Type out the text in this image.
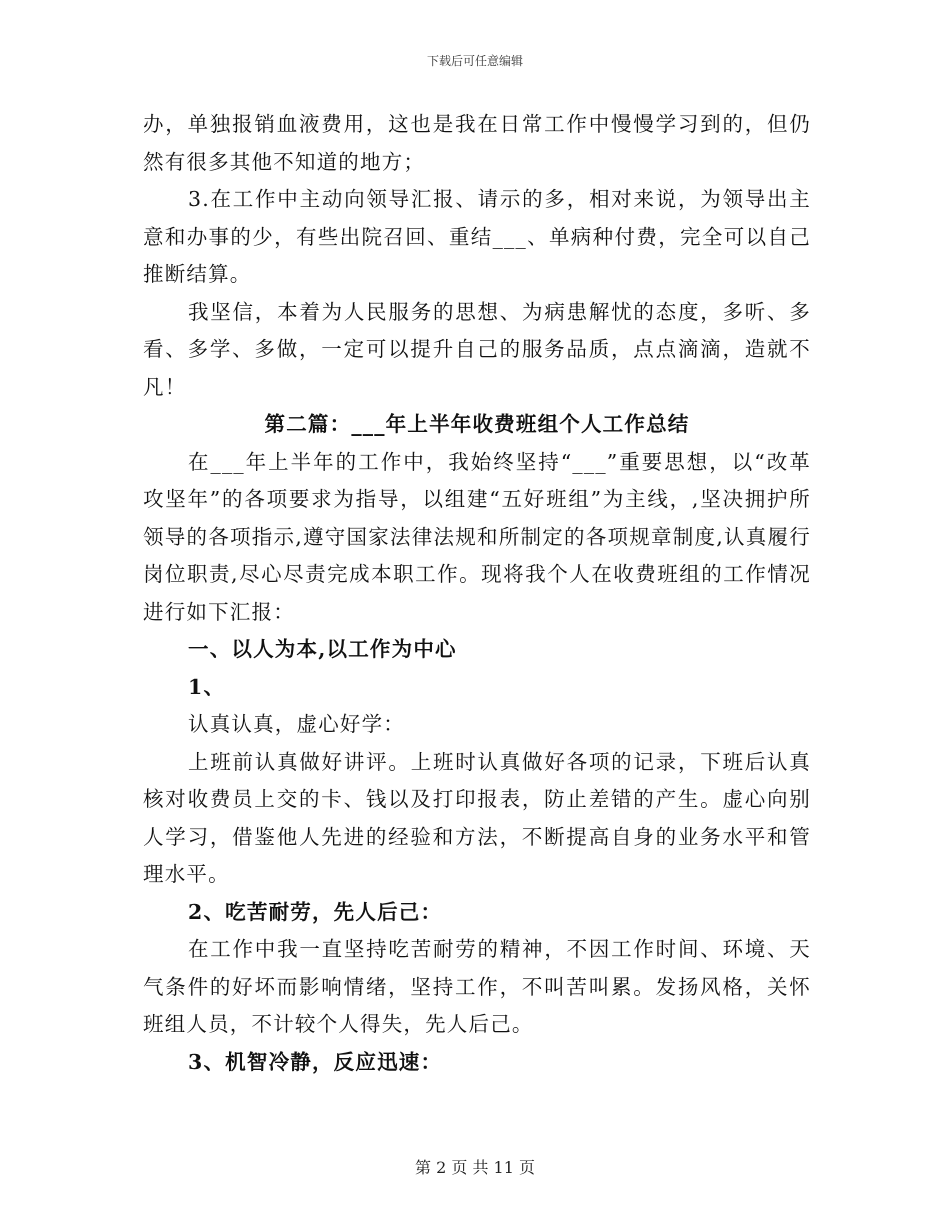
下载后可任意编辑

办，单独报销血液费用，这也是我在日常工作中慢慢学习到的，但仍然有很多其他不知道的地方；

3.在工作中主动向领导汇报、请示的多，相对来说，为领导出主意和办事的少，有些出院召回、重结___、单病种付费，完全可以自己推断结算。

我坚信，本着为人民服务的思想、为病患解忧的态度，多听、多看、多学、多做，一定可以提升自己的服务品质，点点滴滴，造就不凡！

第二篇：___年上半年收费班组个人工作总结

在___年上半年的工作中，我始终坚持“___”重要思想，以“改革攻坚年”的各项要求为指导，以组建“五好班组”为主线，,坚决拥护所领导的各项指示,遵守国家法律法规和所制定的各项规章制度,认真履行岗位职责,尽心尽责完成本职工作。现将我个人在收费班组的工作情况进行如下汇报：

一、以人为本,以工作为中心

1、

认真认真，虚心好学：

上班前认真做好讲评。上班时认真做好各项的记录，下班后认真核对收费员上交的卡、钱以及打印报表，防止差错的产生。虚心向别人学习，借鉴他人先进的经验和方法，不断提高自身的业务水平和管理水平。

2、吃苦耐劳，先人后己：

在工作中我一直坚持吃苦耐劳的精神，不因工作时间、环境、天气条件的好坏而影响情绪，坚持工作，不叫苦叫累。发扬风格，关怀班组人员，不计较个人得失，先人后己。

3、机智冷静，反应迅速：

第 2 页 共 11 页
